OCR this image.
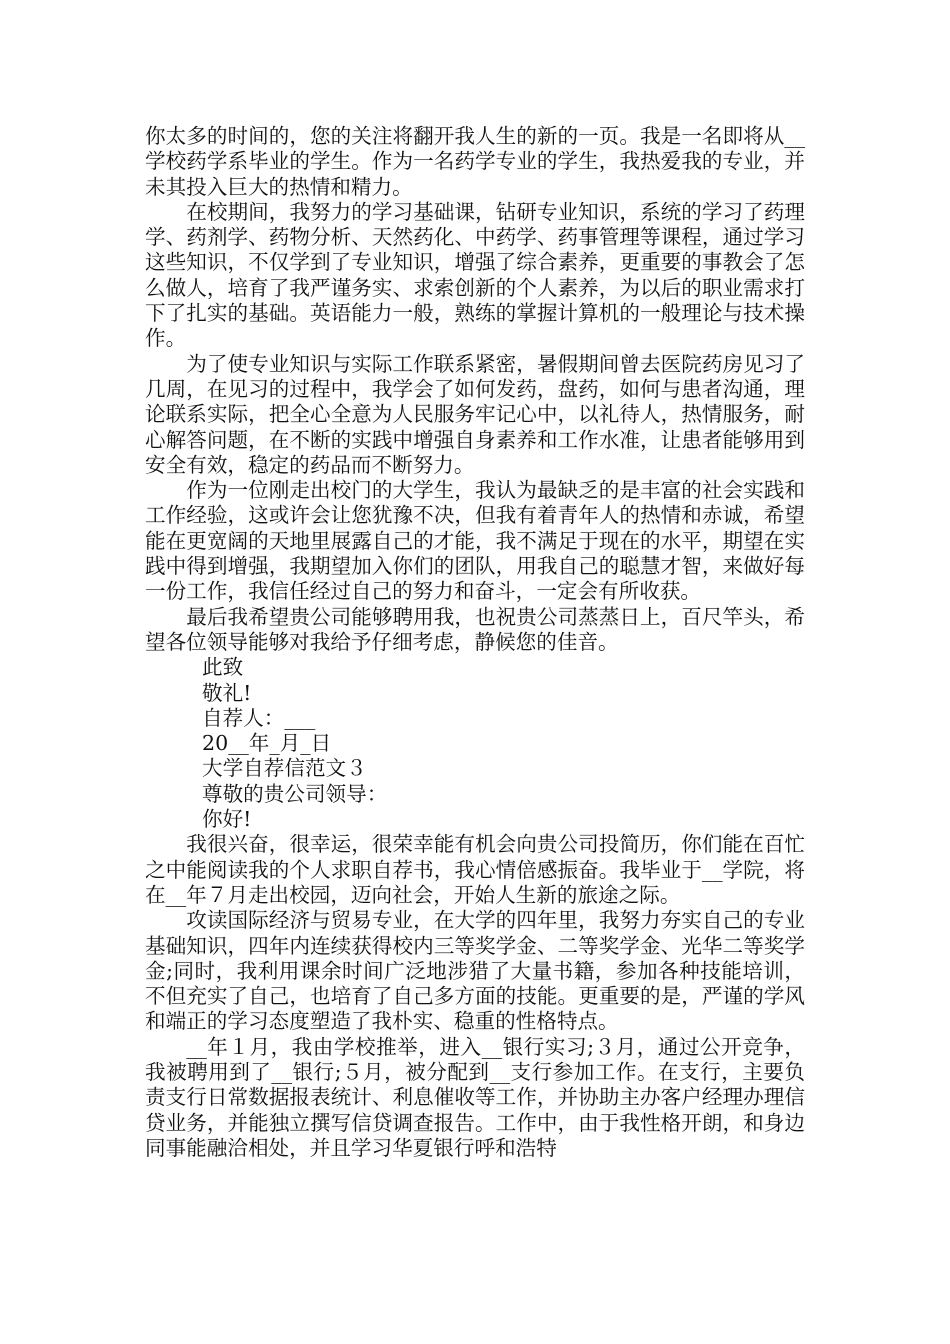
你太多的时间的，您的关注将翻开我人生的新的一页。我是一名即将从__学校药学系毕业的学生。作为一名药学专业的学生，我热爱我的专业，并未其投入巨大的热情和精力。

在校期间，我努力的学习基础课，钻研专业知识，系统的学习了药理学、药剂学、药物分析、天然药化、中药学、药事管理等课程，通过学习这些知识，不仅学到了专业知识，增强了综合素养，更重要的事教会了怎么做人，培育了我严谨务实、求索创新的个人素养，为以后的职业需求打下了扎实的基础。英语能力一般，熟练的掌握计算机的一般理论与技术操作。

为了使专业知识与实际工作联系紧密，暑假期间曾去医院药房见习了几周，在见习的过程中，我学会了如何发药，盘药，如何与患者沟通，理论联系实际，把全心全意为人民服务牢记心中，以礼待人，热情服务，耐心解答问题，在不断的实践中增强自身素养和工作水准，让患者能够用到安全有效，稳定的药品而不断努力。

作为一位刚走出校门的大学生，我认为最缺乏的是丰富的社会实践和工作经验，这或许会让您犹豫不决，但我有着青年人的热情和赤诚，希望能在更宽阔的天地里展露自己的才能，我不满足于现在的水平，期望在实践中得到增强，我期望加入你们的团队，用我自己的聪慧才智，来做好每一份工作，我信任经过自己的努力和奋斗，一定会有所收获。

最后我希望贵公司能够聘用我，也祝贵公司蒸蒸日上，百尺竿头，希望各位领导能够对我给予仔细考虑，静候您的佳音。

此致

敬礼!

自荐人：___

20__年_月_日

大学自荐信范文３

尊敬的贵公司领导：

你好!

我很兴奋，很幸运，很荣幸能有机会向贵公司投简历，你们能在百忙之中能阅读我的个人求职自荐书，我心情倍感振奋。我毕业于__学院，将在__年７月走出校园，迈向社会，开始人生新的旅途之际。

攻读国际经济与贸易专业，在大学的四年里，我努力夯实自己的专业基础知识，四年内连续获得校内三等奖学金、二等奖学金、光华二等奖学金;同时，我利用课余时间广泛地涉猎了大量书籍，参加各种技能培训，不但充实了自己，也培育了自己多方面的技能。更重要的是，严谨的学风和端正的学习态度塑造了我朴实、稳重的性格特点。

__年１月，我由学校推举，进入__银行实习;３月，通过公开竞争，我被聘用到了__银行;５月，被分配到__支行参加工作。在支行，主要负责支行日常数据报表统计、利息催收等工作，并协助主办客户经理办理信贷业务，并能独立撰写信贷调查报告。工作中，由于我性格开朗，和身边同事能融洽相处，并且学习华夏银行呼和浩特
